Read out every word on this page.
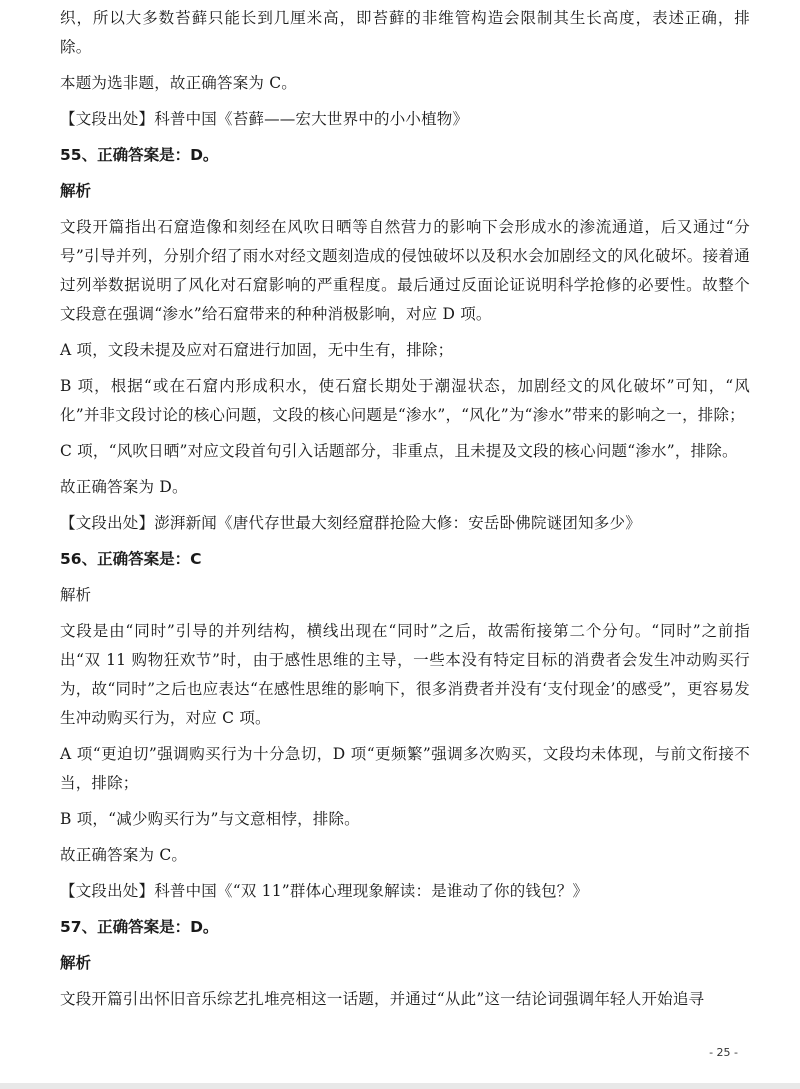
织，所以大多数苔藓只能长到几厘米高，即苔藓的非维管构造会限制其生长高度，表述正确，排除。

本题为选非题，故正确答案为 C。

【文段出处】科普中国《苔藓——宏大世界中的小小植物》

55、正确答案是：D。

解析

文段开篇指出石窟造像和刻经在风吹日晒等自然营力的影响下会形成水的渗流通道，后又通过“分号”引导并列，分别介绍了雨水对经文题刻造成的侵蚀破坏以及积水会加剧经文的风化破坏。接着通过列举数据说明了风化对石窟影响的严重程度。最后通过反面论证说明科学抢修的必要性。故整个文段意在强调“渗水”给石窟带来的种种消极影响，对应 D 项。

A 项，文段未提及应对石窟进行加固，无中生有，排除；

B 项，根据“或在石窟内形成积水，使石窟长期处于潮湿状态，加剧经文的风化破坏”可知，“风化”并非文段讨论的核心问题，文段的核心问题是“渗水”，“风化”为“渗水”带来的影响之一，排除；

C 项，“风吹日晒”对应文段首句引入话题部分，非重点，且未提及文段的核心问题“渗水”，排除。

故正确答案为 D。

【文段出处】澎湃新闻《唐代存世最大刻经窟群抢险大修：安岳卧佛院谜团知多少》

56、正确答案是：C

解析

文段是由“同时”引导的并列结构，横线出现在“同时”之后，故需衔接第二个分句。“同时”之前指出“双 11 购物狂欢节”时，由于感性思维的主导，一些本没有特定目标的消费者会发生冲动购买行为，故“同时”之后也应表达“在感性思维的影响下，很多消费者并没有‘支付现金’的感受”，更容易发生冲动购买行为，对应 C 项。

A 项“更迫切”强调购买行为十分急切，D 项“更频繁”强调多次购买，文段均未体现，与前文衔接不当，排除；

B 项，“减少购买行为”与文意相悖，排除。

故正确答案为 C。

【文段出处】科普中国《“双 11”群体心理现象解读：是谁动了你的钱包？》

57、正确答案是：D。

解析

文段开篇引出怀旧音乐综艺扎堆亮相这一话题，并通过“从此”这一结论词强调年轻人开始追寻

- 25 -
